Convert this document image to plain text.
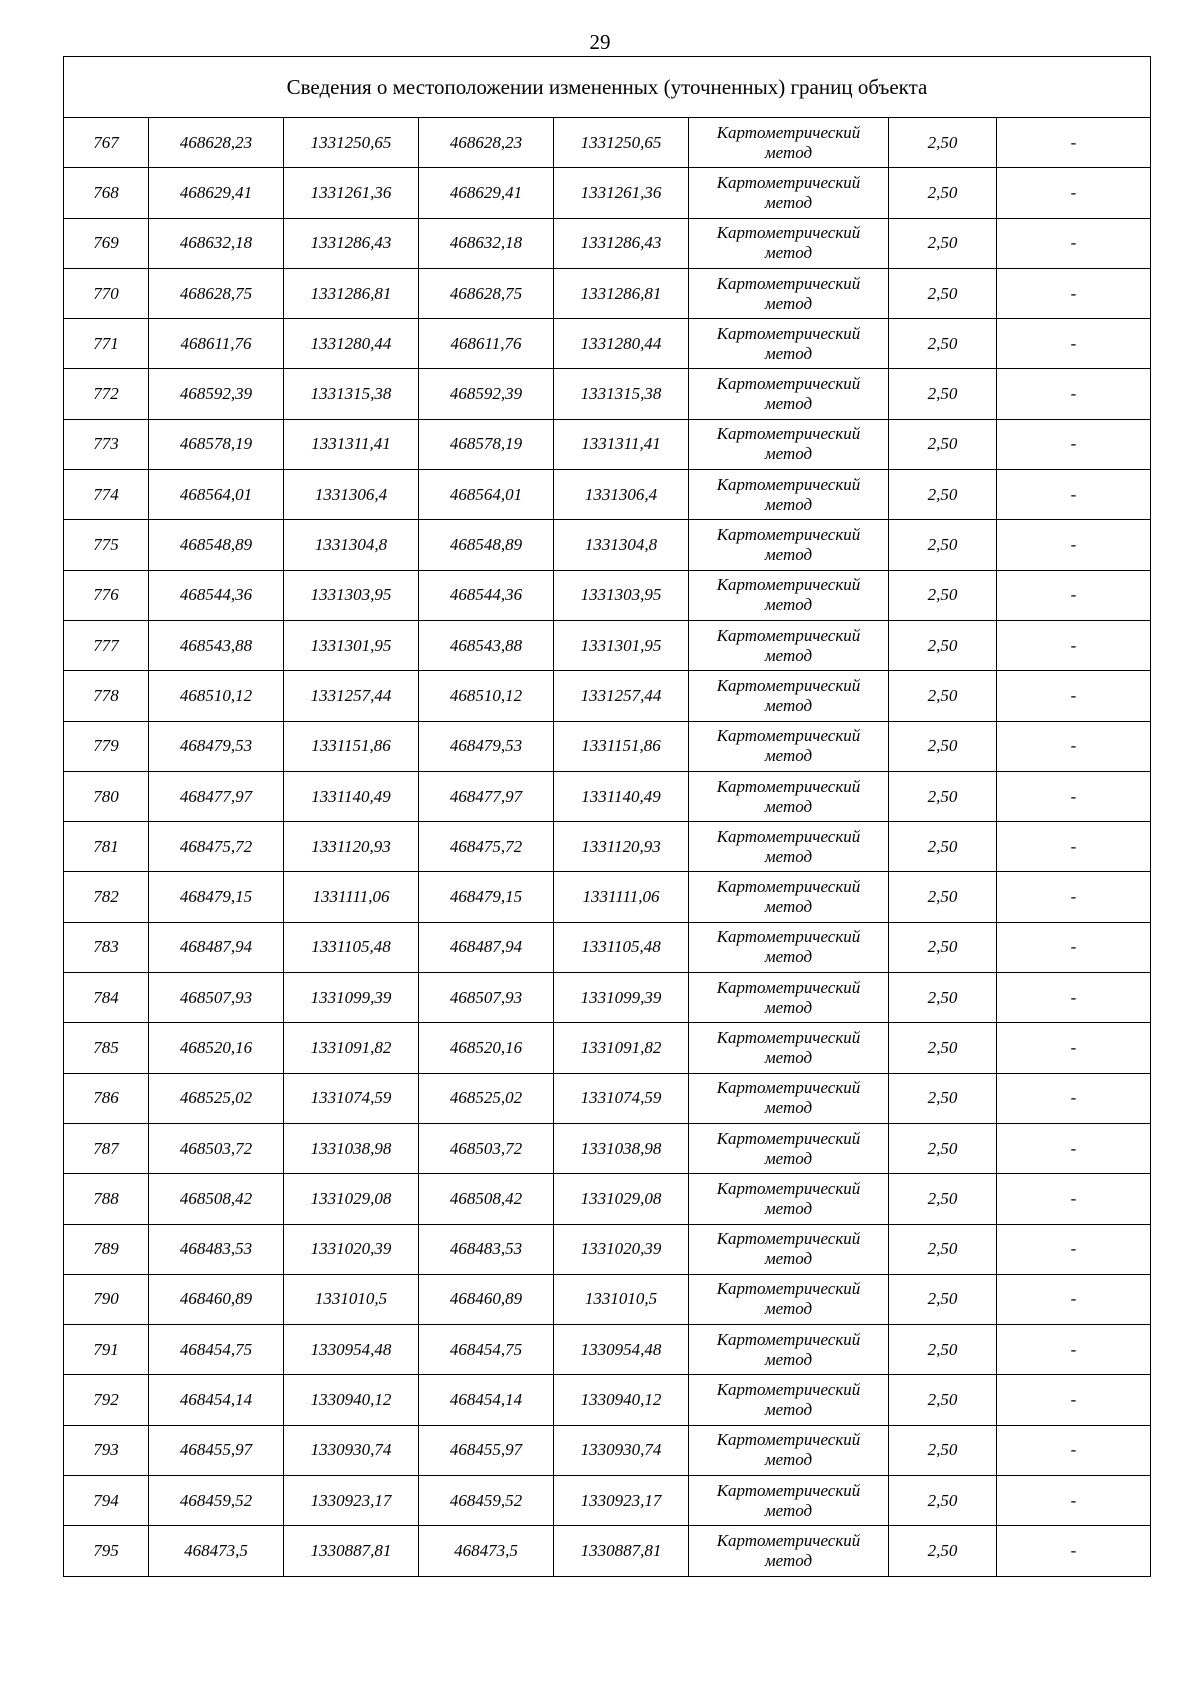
29
Сведения о местоположении измененных (уточненных) границ объекта							
767	468628,23	1331250,65	468628,23	1331250,65	Картометрический
метод	2,50	-
768	468629,41	1331261,36	468629,41	1331261,36	Картометрический
метод	2,50	-
769	468632,18	1331286,43	468632,18	1331286,43	Картометрический
метод	2,50	-
770	468628,75	1331286,81	468628,75	1331286,81	Картометрический
метод	2,50	-
771	468611,76	1331280,44	468611,76	1331280,44	Картометрический
метод	2,50	-
772	468592,39	1331315,38	468592,39	1331315,38	Картометрический
метод	2,50	-
773	468578,19	1331311,41	468578,19	1331311,41	Картометрический
метод	2,50	-
774	468564,01	1331306,4	468564,01	1331306,4	Картометрический
метод	2,50	-
775	468548,89	1331304,8	468548,89	1331304,8	Картометрический
метод	2,50	-
776	468544,36	1331303,95	468544,36	1331303,95	Картометрический
метод	2,50	-
777	468543,88	1331301,95	468543,88	1331301,95	Картометрический
метод	2,50	-
778	468510,12	1331257,44	468510,12	1331257,44	Картометрический
метод	2,50	-
779	468479,53	1331151,86	468479,53	1331151,86	Картометрический
метод	2,50	-
780	468477,97	1331140,49	468477,97	1331140,49	Картометрический
метод	2,50	-
781	468475,72	1331120,93	468475,72	1331120,93	Картометрический
метод	2,50	-
782	468479,15	1331111,06	468479,15	1331111,06	Картометрический
метод	2,50	-
783	468487,94	1331105,48	468487,94	1331105,48	Картометрический
метод	2,50	-
784	468507,93	1331099,39	468507,93	1331099,39	Картометрический
метод	2,50	-
785	468520,16	1331091,82	468520,16	1331091,82	Картометрический
метод	2,50	-
786	468525,02	1331074,59	468525,02	1331074,59	Картометрический
метод	2,50	-
787	468503,72	1331038,98	468503,72	1331038,98	Картометрический
метод	2,50	-
788	468508,42	1331029,08	468508,42	1331029,08	Картометрический
метод	2,50	-
789	468483,53	1331020,39	468483,53	1331020,39	Картометрический
метод	2,50	-
790	468460,89	1331010,5	468460,89	1331010,5	Картометрический
метод	2,50	-
791	468454,75	1330954,48	468454,75	1330954,48	Картометрический
метод	2,50	-
792	468454,14	1330940,12	468454,14	1330940,12	Картометрический
метод	2,50	-
793	468455,97	1330930,74	468455,97	1330930,74	Картометрический
метод	2,50	-
794	468459,52	1330923,17	468459,52	1330923,17	Картометрический
метод	2,50	-
795	468473,5	1330887,81	468473,5	1330887,81	Картометрический
метод	2,50	-
